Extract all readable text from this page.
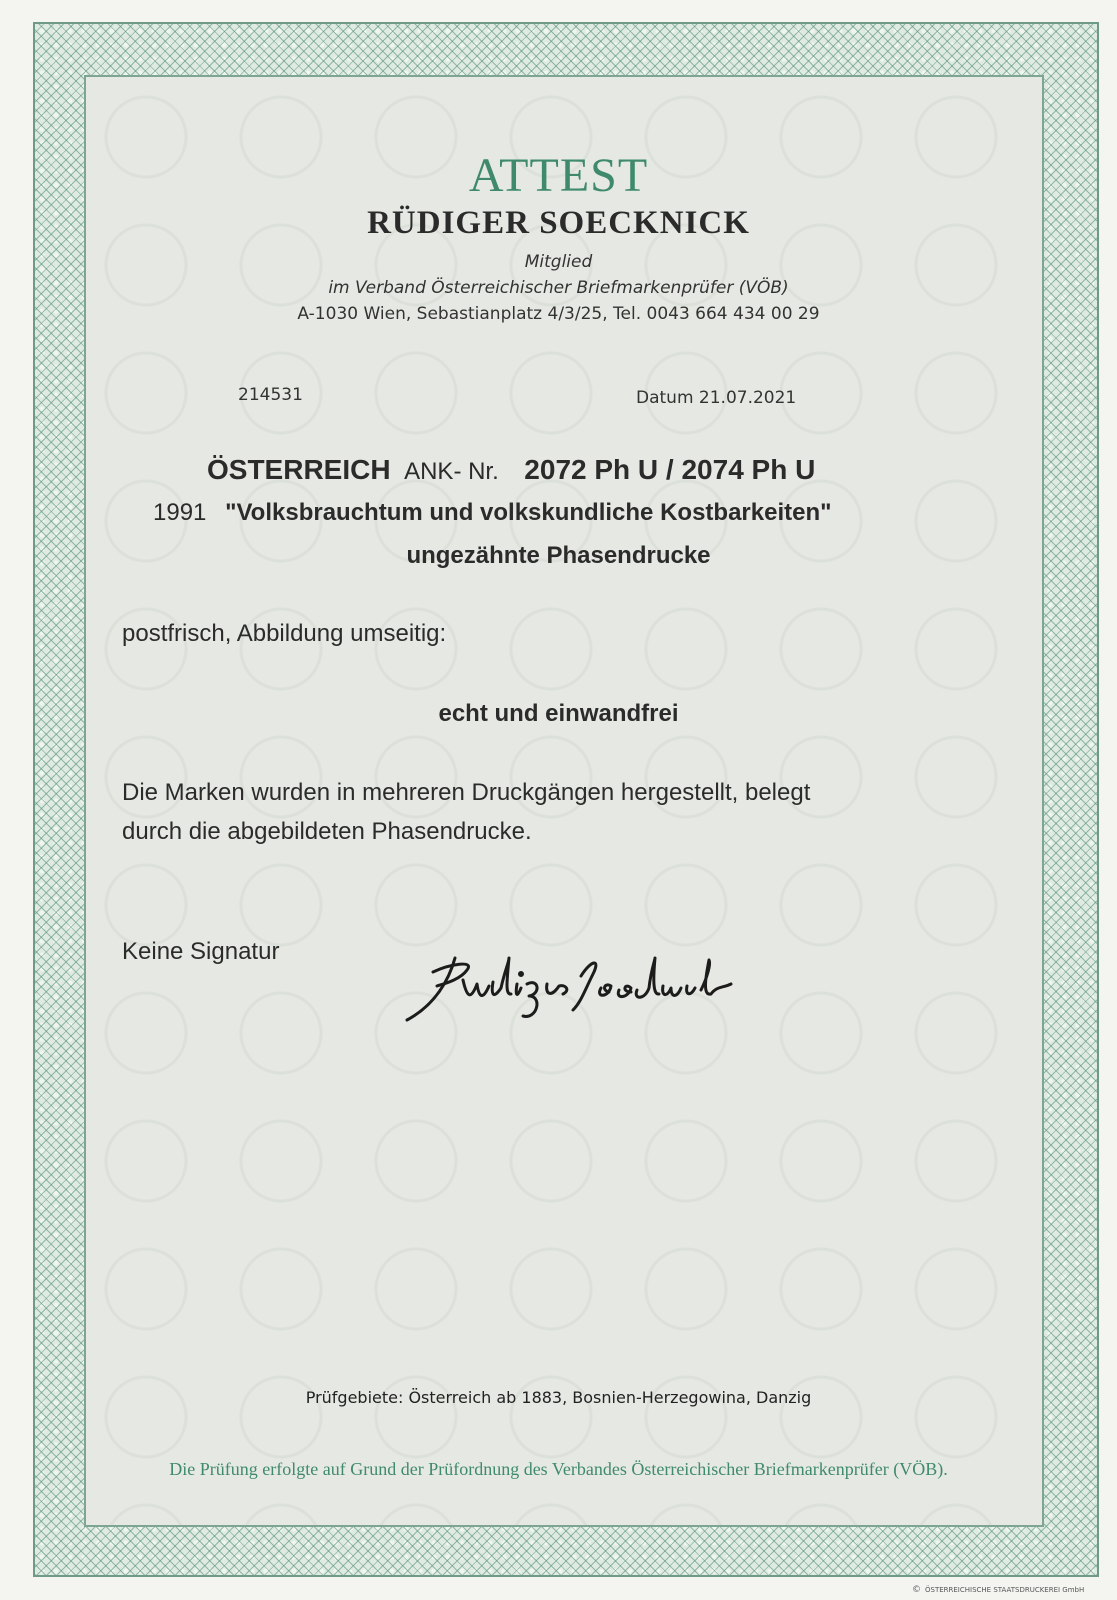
ATTEST
RÜDIGER SOECKNICK
Mitglied
im Verband Österreichischer Briefmarkenprüfer (VÖB)
A-1030 Wien, Sebastianplatz 4/3/25, Tel. 0043 664 434 00 29
214531	Datum 21.07.2021
ÖSTERREICH ANK- Nr. 2072 Ph U / 2074 Ph U
1991 "Volksbrauchtum und volkskundliche Kostbarkeiten"
ungezähnte Phasendrucke
postfrisch, Abbildung umseitig:
echt und einwandfrei
Die Marken wurden in mehreren Druckgängen hergestellt, belegt
durch die abgebildeten Phasendrucke.
Keine Signatur
Prüfgebiete: Österreich ab 1883, Bosnien-Herzegowina, Danzig
Die Prüfung erfolgte auf Grund der Prüfordnung des Verbandes Österreichischer Briefmarkenprüfer (VÖB).
© ÖSTERREICHISCHE STAATSDRUCKEREI GmbH
